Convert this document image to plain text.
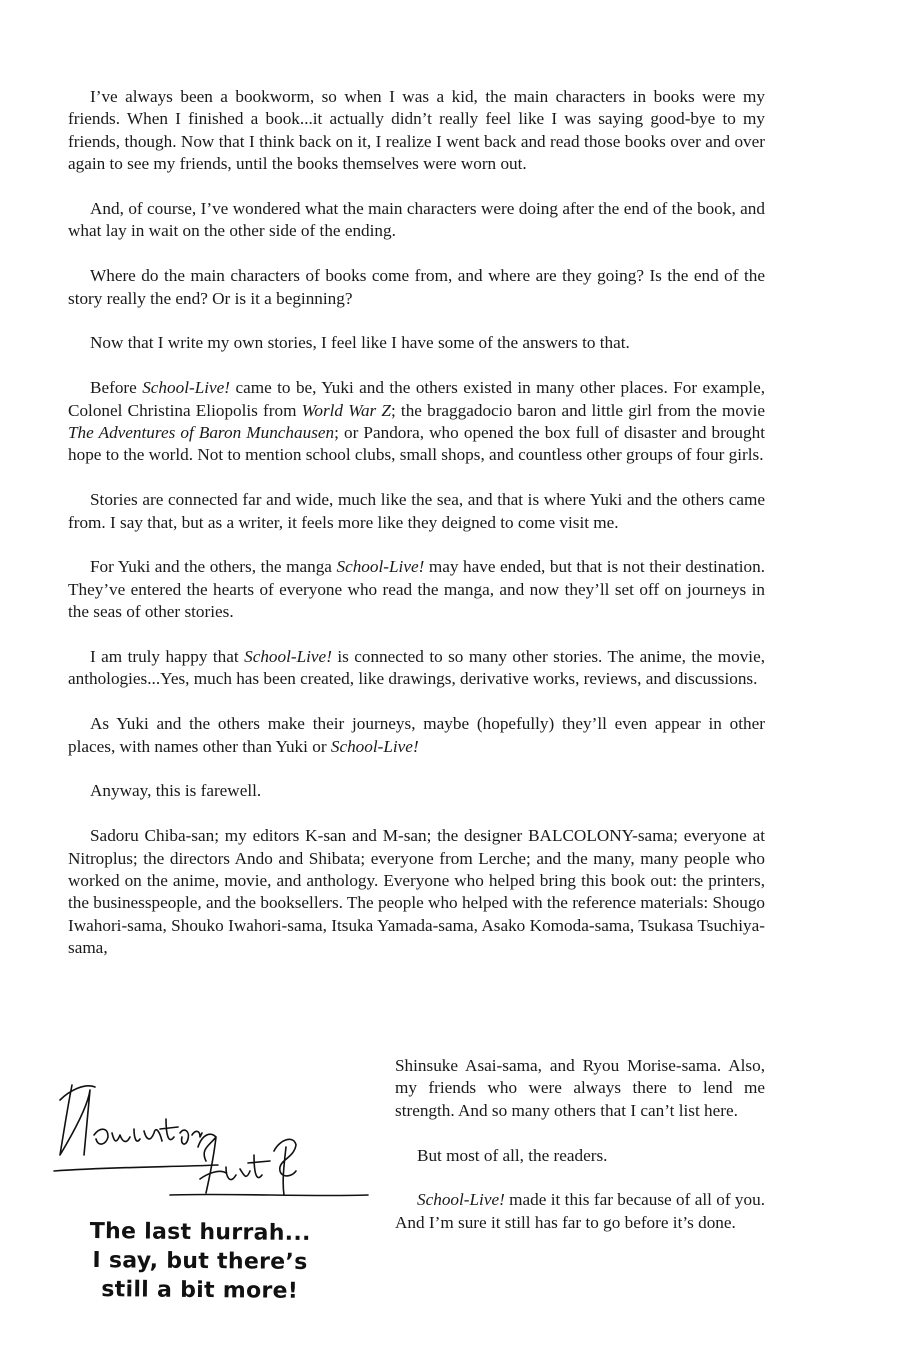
I’ve always been a bookworm, so when I was a kid, the main characters in books were my friends. When I finished a book...it actually didn’t really feel like I was saying good-bye to my friends, though. Now that I think back on it, I realize I went back and read those books over and over again to see my friends, until the books themselves were worn out.

And, of course, I’ve wondered what the main characters were doing after the end of the book, and what lay in wait on the other side of the ending.

Where do the main characters of books come from, and where are they going? Is the end of the story really the end? Or is it a beginning?

Now that I write my own stories, I feel like I have some of the answers to that.

Before School-Live! came to be, Yuki and the others existed in many other places. For example, Colonel Christina Eliopolis from World War Z; the braggadocio baron and little girl from the movie The Adventures of Baron Munchausen; or Pandora, who opened the box full of disaster and brought hope to the world. Not to mention school clubs, small shops, and countless other groups of four girls.

Stories are connected far and wide, much like the sea, and that is where Yuki and the others came from. I say that, but as a writer, it feels more like they deigned to come visit me.

For Yuki and the others, the manga School-Live! may have ended, but that is not their destination. They’ve entered the hearts of everyone who read the manga, and now they’ll set off on journeys in the seas of other stories.

I am truly happy that School-Live! is connected to so many other stories. The anime, the movie, anthologies...Yes, much has been created, like drawings, derivative works, reviews, and discussions.

As Yuki and the others make their journeys, maybe (hopefully) they’ll even appear in other places, with names other than Yuki or School-Live!

Anyway, this is farewell.

Sadoru Chiba-san; my editors K-san and M-san; the designer BALCOLONY-sama; everyone at Nitroplus; the directors Ando and Shibata; everyone from Lerche; and the many, many people who worked on the anime, movie, and anthology. Everyone who helped bring this book out: the printers, the businesspeople, and the booksellers. The people who helped with the reference materials: Shougo Iwahori-sama, Shouko Iwahori-sama, Itsuka Yamada-sama, Asako Komoda-sama, Tsukasa Tsuchiya-sama,

Shinsuke Asai-sama, and Ryou Morise-sama. Also, my friends who were always there to lend me strength. And so many others that I can’t list here.

But most of all, the readers.

School-Live! made it this far because of all of you. And I’m sure it still has far to go before it’s done.

The last hurrah...
I say, but there’s
still a bit more!
